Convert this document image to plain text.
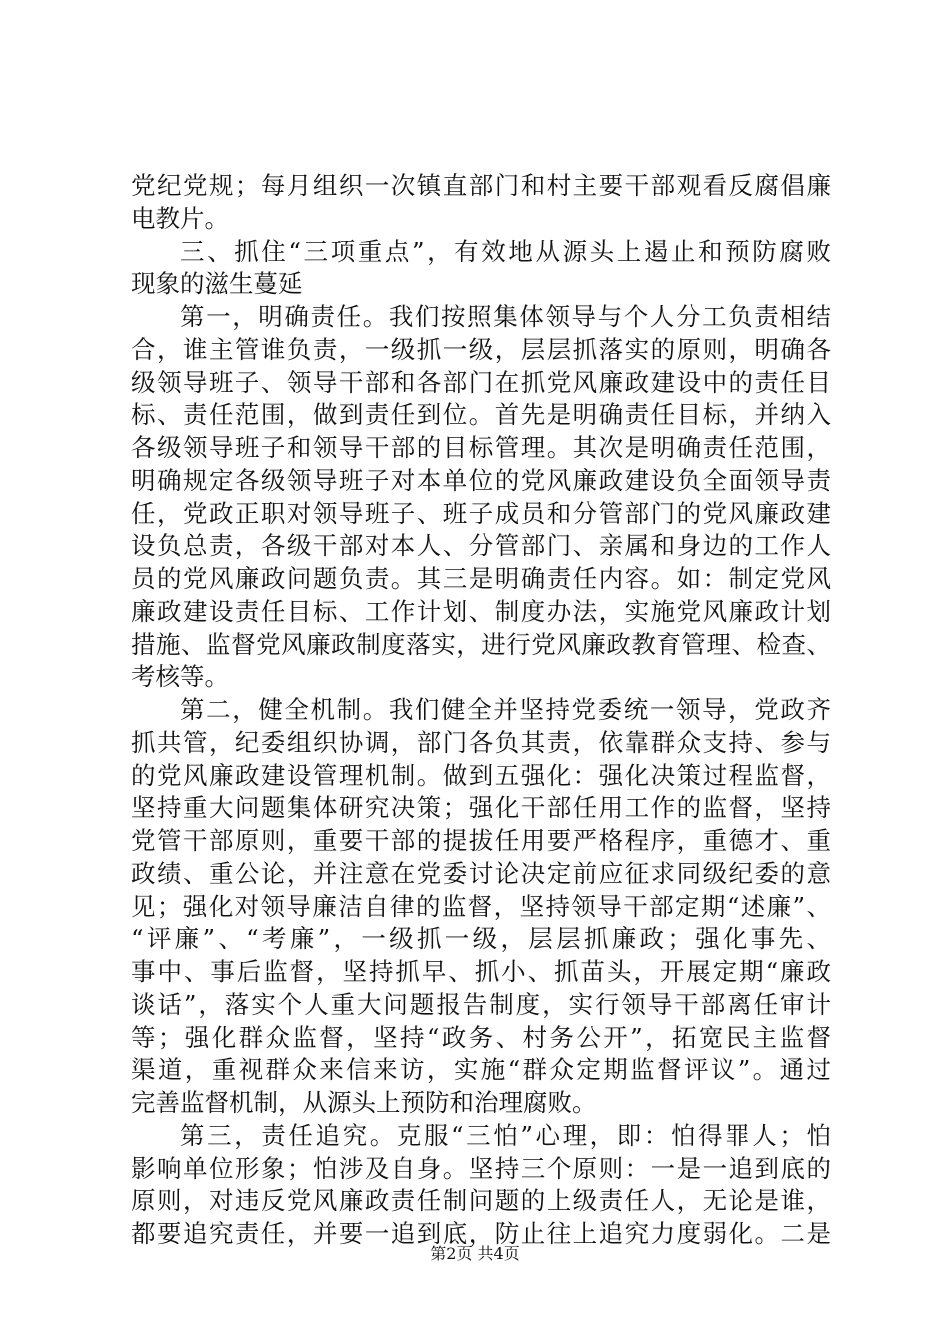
党纪党规；每月组织一次镇直部门和村主要干部观看反腐倡廉
电教片。
三、抓住“三项重点”，有效地从源头上遏止和预防腐败
现象的滋生蔓延
第一，明确责任。我们按照集体领导与个人分工负责相结
合，谁主管谁负责，一级抓一级，层层抓落实的原则，明确各
级领导班子、领导干部和各部门在抓党风廉政建设中的责任目
标、责任范围，做到责任到位。首先是明确责任目标，并纳入
各级领导班子和领导干部的目标管理。其次是明确责任范围，
明确规定各级领导班子对本单位的党风廉政建设负全面领导责
任，党政正职对领导班子、班子成员和分管部门的党风廉政建
设负总责，各级干部对本人、分管部门、亲属和身边的工作人
员的党风廉政问题负责。其三是明确责任内容。如：制定党风
廉政建设责任目标、工作计划、制度办法，实施党风廉政计划
措施、监督党风廉政制度落实，进行党风廉政教育管理、检查、
考核等。
第二，健全机制。我们健全并坚持党委统一领导，党政齐
抓共管，纪委组织协调，部门各负其责，依靠群众支持、参与
的党风廉政建设管理机制。做到五强化：强化决策过程监督，
坚持重大问题集体研究决策；强化干部任用工作的监督，坚持
党管干部原则，重要干部的提拔任用要严格程序，重德才、重
政绩、重公论，并注意在党委讨论决定前应征求同级纪委的意
见；强化对领导廉洁自律的监督，坚持领导干部定期“述廉”、
“评廉”、“考廉”，一级抓一级，层层抓廉政；强化事先、
事中、事后监督，坚持抓早、抓小、抓苗头，开展定期“廉政
谈话”，落实个人重大问题报告制度，实行领导干部离任审计
等；强化群众监督，坚持“政务、村务公开”，拓宽民主监督
渠道，重视群众来信来访，实施“群众定期监督评议”。通过
完善监督机制，从源头上预防和治理腐败。
第三，责任追究。克服“三怕”心理，即：怕得罪人；怕
影响单位形象；怕涉及自身。坚持三个原则：一是一追到底的
原则，对违反党风廉政责任制问题的上级责任人，无论是谁，
都要追究责任，并要一追到底，防止往上追究力度弱化。二是
第2页 共4页
